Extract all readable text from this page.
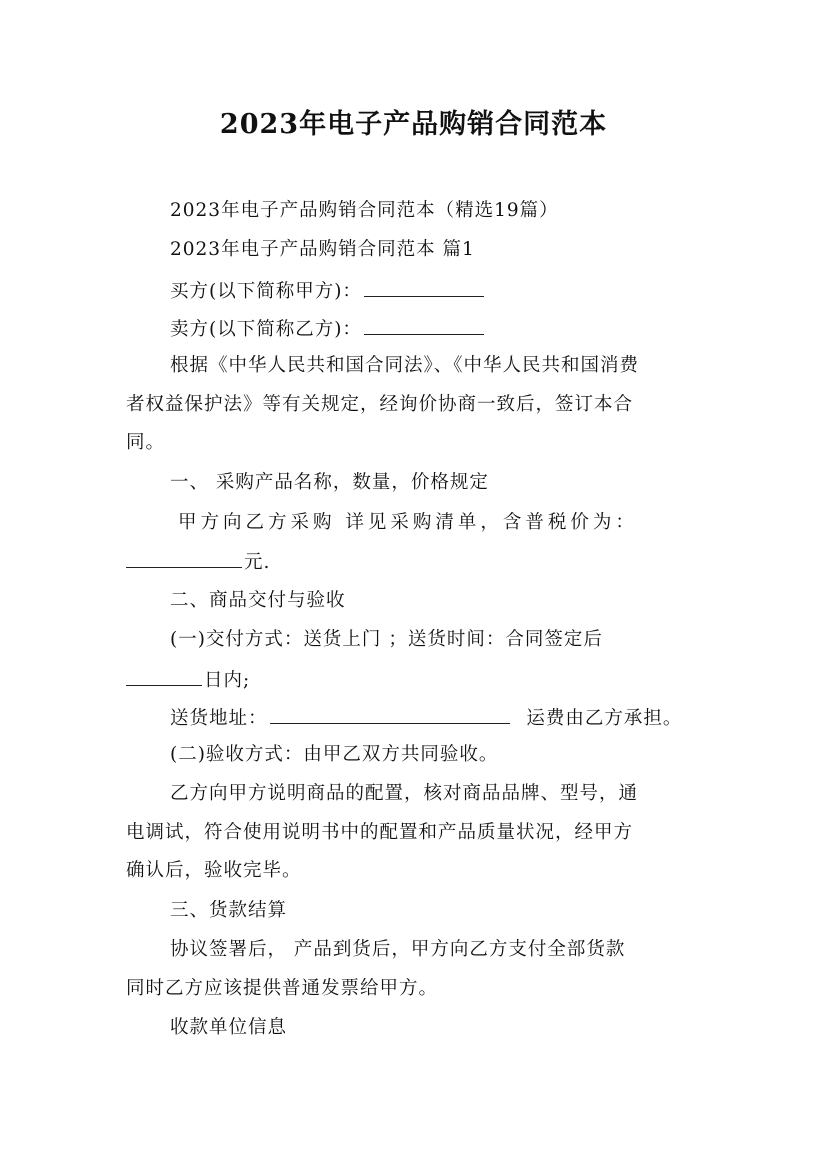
2023年电子产品购销合同范本
2023年电子产品购销合同范本（精选19篇）
2023年电子产品购销合同范本 篇1
买方(以下简称甲方)：
卖方(以下简称乙方)：
根据《中华人民共和国合同法》、《中华人民共和国消费
者权益保护法》等有关规定，经询价协商一致后，签订本合
同。
一、 采购产品名称，数量，价格规定
甲方向乙方采购 详见采购清单，含普税价为：
元.
二、商品交付与验收
(一)交付方式：送货上门 ；送货时间：合同签定后
日内;
送货地址：	运费由乙方承担。
(二)验收方式：由甲乙双方共同验收。
乙方向甲方说明商品的配置，核对商品品牌、型号，通
电调试，符合使用说明书中的配置和产品质量状况，经甲方
确认后，验收完毕。
三、货款结算
协议签署后， 产品到货后，甲方向乙方支付全部货款
同时乙方应该提供普通发票给甲方。
收款单位信息
